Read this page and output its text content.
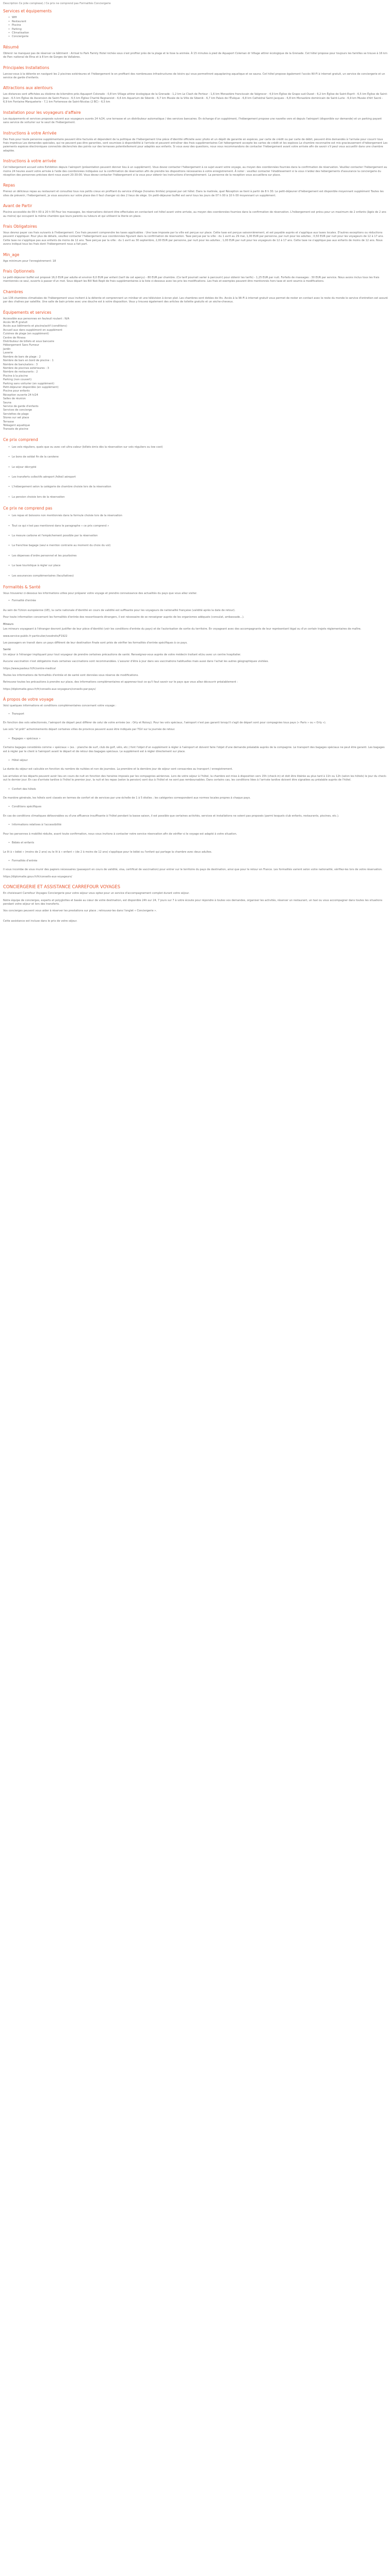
Description Ce jolie complexe) / Ce prix ne comprend pas Formalités Conciergerie
Services et équipements
• Wifi
• Restaurant
• Piscine
• Parking
• Climatisation
• Conciergerie
Résumé

Obtenir ne manquez pas de réserver ce bâtiment : Arrival to Park Family Hotel nichée sous s'est profiter près de la plage et le lisse la animée. À 15 minutes à pied de Aquaport Coleman dr Village attirer écologique de la Grenade. Cet hôtel propose pour toujours les familles se trouve à 16 km de Parc national de Etna et à 8 km de Gorges de Vallabres.

Principales Installations

Lancez-vous à la détente en navigant les 2 piscines extérieures et l'hébergement le en profitant des nombreuses infrastructures de loisirs qui vous permettront aquaplaning aquatique et se sauna. Cet hôtel propose également l'accès Wi-Fi à internet gratuit, un service de conciergerie et un service de garde d'enfants.

Attractions aux alentours

Les distances sont affichées au dixième de kilomètre près Aquaport Colorado - 0,8 km Village attirer écologique de la Grenade - 1,2 km Le Clash de Porteur - 1,6 km Monastère franciscain de Valgrocor - 4,9 km Église de Grape sud-Ouest - 6,2 km Église de Saint-Esprit - 6,5 km Église de Saint-Jean - 6,5 km Église de Ascension de Saint-Franco - 6,5 km Église Charité Regnaroiot - 6,6 km Aquarium de Sibenik - 6,7 km Musée de la Ville de Sibenik - 6,7 km Palais de l'Évêque - 6,8 km Cathédral Saint-Jacques - 6,8 km Monastère dominicain de Saint-Lurie - 6,9 km Musée d'Art Sacré - 6,9 km Fontaine Marqueterie - 7,1 km Forteresse de Saint-Nicolas (2 BC) - 6,5 km

Installation pour les voyageurs d'affaire

Les équipements et services proposés suivent aux voyageurs ouvrés 24 h/24, une terrasse et un distributeur automatique / des services bancaires. En échange d'un supplément, l'hébergement propose une navette vers et depuis l'aéroport (disponible sur demande) et un parking payant sans service de voiturier sur le seuil de l'hébergement.

Instructions à votre Arrivée

Des frais pour toute personne supplémentaire peuvent être facturés et dépendent de la politique de l'hébergement Une pièce d'identité officielle avec photo et un dépôt de garantie en espèces, par carte de crédit ou par carte de débit, peuvent être demandés à l'arrivée pour couvrir tous frais imprévus Les demandes spéciales, qui ne peuvent pas être garanties, sont soumises à disponibilité à l'arrivée et peuvent entraîner des frais supplémentaires Cet hébergement accepte les cartes de crédit et les espèces Le chambre reconnaitre est mis gracieusement d'hébergement Les paiements espèces électroniques connectés déclenchés des points sur des terrasses potentiellement pour adaptés aux enfants. Si vous avez des questions, nous vous recommandons de contacter l'hébergement avant votre arrivée afin de savoir s'il peut vous accueillir dans une chambre adaptée.

Instructions à votre arrivée

Cet hébergement accueil votre Exhibition depuis l'aéroport (présentation peuvent donner lieu à un supplément). Vous devez contacter l'hébergement à ce sujet avant votre voyage, au moyen des coordonnées fournies dans la confirmation de réservation. Veuillez contacter l'hébergement au moins 24 heures avant votre arrivée à l'aide des coordonnées indiquées sur la confirmation de réservation afin de prendre les dispositions nécessaires à votre enregistrement. À noter : veuillez contacter l'établissement si la vous n'aidez des hébergements d'assurance la conciergerie du réception des personnes précises dont nous avant 20:30:00. Vous devez contacter l'hébergement si la vous pour obtenir les instructions d'enregistrement. La personne de la reception vous accueillera sur place.

Repas

Prenez un délicieux repas au restaurant et consultez tous nos petits creux en profitant du service d'étage (horaires limités) proposé par cet hôtel. Dans la matinée, quel Réception se tient à partir de 8 h 30. Le petit-déjeuner d'hébergement est disponible moyennant supplément Toutes les sites de prévenir, l'hébergement, je vous assurons sur votre place des il faut changer où des 2 lieux de siège. Un petit-déjeuner buffet est servi tous les jours de 07 h 00 à 10 h 00 moyennant un supplément.

Avant de Partir

Piscine accessible de 09 h 00 à 20 h 00 Pour les massages, les réservations doivent être effectuées en contactant cet hôtel avant votre arrivée, au moyen des coordonnées fournies dans la confirmation de réservation. L'hébergement est prévu pour un maximum de 2 enfants (âgés de 2 ans au moins) qui occupent la même chambre que leurs parents ou tuteurs et qui utilisent la literie en place.

Frais Obligatoires

Vous devrez payer ces frais suivants à l'hébergement. Ces frais peuvent comprendre les taxes applicables : Une taxe imposée par la ville est perçue sur place. Cette taxe est perçue saisonnièrement, et est payable auprès et s'applique aux taxes locales. D'autres exceptions ou réductions peuvent s'appliquer. Pour plus de détails, veuillez contacter l'hébergement aux coordonnées figurant dans la confirmation de réservation. Taxe perçue par la ville : du 1 avril au 29 mai, 1,00 EUR par personne, par nuit pour les adultes ; 0,50 EUR par nuit pour les voyageurs de 12 à 17 ans. Cette taxe ne s'applique pas aux enfants de moins de 12 ans. Taxe perçue par la ville : du 1 avril au 30 septembre, 2,00 EUR par personne, par nuit pour les adultes ; 1,00 EUR par nuit pour les voyageurs de 12 à 17 ans. Cette taxe ne s'applique pas aux enfants de moins de 12 ans. Nous avons indiqué tous les frais dont l'hébergement nous a fait part.

Min_age

Age minimum pour l'enregistrement: 18

Frais Optionnels

Le petit-déjeuner buffet est proposé 16,0 EUR par adulte et environ 8,0 EUR par enfant (tarif de cet aperçu) - 80 EUR par chambre. (Ce tarif pourrait varier à parcourir) pour obtenir les tarifs) - 1,25 EUR par nuit. Forfaits de massages : 30 EUR par service. Nous avons inclus tous les frais mentionnés ce seul, ouverts à passer d'un mot. Sous départ les Bill Nok Repli de frais supplémentaires à la liste ci-dessous avec les prix les modifications. Les frais et exemples peuvent être mentionnés hors taxe et sont soumis à modifications.

Chambres

Les 136 chambres climatisées de l'hébergement vous invitent à la détente et comprennent un minibar et une télévision à écran plat. Les chambres sont dotées de lits. Accès à la Wi-Fi à internet gratuit vous permet de rester en contact avec le reste du monde le service d'entretien est assuré par des chaînes par satellite. Une salle de bain privée avec une douche est à votre disposition. Vous y trouvez également des articles de toilette gratuits et un sèche-cheveux.

Équipements et services
Accessible aux personnes en fauteuil roulant : N/A
Accès Wi-Fi gratuit
Accès aux bâtiments et piscine/actif (conditions)
Accueil aux dans supplément en supplément
Cuisines de plage (en supplément)
Centre de fitness
Distributeur de billets et sous bancaire
Hébergement Sans Fumeur
Jardin
Laverie
Nombre de bars de plage : 2
Nombre de bars en bord de piscine : 1
Nombre de bars/salons : 3
Nombre de piscines extérieures : 3
Nombre de restaurants : 2
Piscine à la piscine
Parking (non couvert)
Parking sans voiturier (en supplément)
Petit-déjeuner disponible (en supplément)
Piscine pour enfants
Réception ouverte 24 h/24
Salles de réunion
Sauna
Service de garde d'enfants
Services de concierge
Serviettes de plage
Stores sur set place
Terrasse
Téléagent aquatique
Transats de piscine
Ce prix comprend
• Les vols réguliers, quels que ou avec cet ultra valeur (billets émis dès la réservation sur vols réguliers ou low cost)
• Le bons de soldat fin de la carolene
• Le séjour décrypté
• Les transferts collectifs aéroport /hôtel/ aéroport
• L'hébergement selon la catégorie de chambre choisie lors de la réservation
• La pension choisie lors de la réservation
Ce prix ne comprend pas
• Les repas et boissons non mentionnés dans la formule choisie lors de la réservation
• Tout ce qui n'est pas mentionné dans le paragraphe « ce prix comprend »
• La mesure carbone et l'empêchement possible par la réservation
• La franchise bagage (seul e mention contraire au moment du choix du vol)
• Les dépenses d'ordre personnel et les pourboires
• La taxe touristique à régler sur place
• Les assurances complémentaires (facultatives)
Formalités & Santé

Vous trouverez ci-dessous les informations utiles pour préparer votre voyage et prendre connaissance des actualités du pays que vous allez visiter.

• Formalité d'entrée

Au sein de l'Union européenne (UE), la carte nationale d'identité en cours de validité est suffisante pour les voyageurs de nationalité française (validité après la date de retour).

Pour toute information concernant les formalités d'entrée des ressortissants étrangers, il est nécessaire de se renseigner auprès de les organismes adéquats (consulat, ambassade...).

Mineurs

Les mineurs voyageant à l'étranger devront justifier de leur pièce d'identité (voir les conditions d'entrée du pays) et de l'autorisation de sortie du territoire. En voyageant avec des accompagnants de leur représentant légal ou d'un certain trajets réglementaires de maître.

www.service-public.fr particulier/vosdroits/F1922

Les passagers en transit dans un pays différent de leur destination finale sont priés de vérifier les formalités d'entrée spécifiques à ce pays.

Santé

Un séjour à l'étranger impliquant pour tout voyageur de prendre certaines précautions de santé. Renseignez-vous auprès de votre médecin traitant et/ou avec un centre hospitalier.

Aucune vaccination n'est obligatoire mais certaines vaccinations sont recommandées. L'assurer d'être à jour dans ses vaccinations habituelles mais aussi dans l'achat les autres géographiques visitées.

https://www.pasteur.fr/fr/centre-medical

Toutes les informations de formalités d'entrée et de santé sont données sous réserve de modifications.

Retrouvez toutes les précautions à prendre sur place, des informations complémentaires et apprenez-tout ce qu'il faut savoir sur le pays que vous allez découvrir préalablement :

https://diplomatie.gouv.fr/fr/conseils-aux-voyageurs/conseils-par-pays/

À propos de votre voyage

Voici quelques informations et conditions complémentaires concernant votre voyage :

• Transport

En fonction des vols sélectionnés, l'aéroport de départ peut différer de celui de votre arrivée (ex : Orly et Roissy). Pour les vols spéciaux, l'aéroport n'est pas garanti lorsqu'il s'agit de départ sont pour compagnies tous pays (« Paris » ou « Orly »).

Les vols "et prêt" acheminements départ certaines villes de province peuvent aussi être indiqués par TGV sur la journée de retour.

• Bagages « spéciaux »

Certains bagages considérés comme « spéciaux » (ex. : planche de surf, club de golf, vélo, etc.) font l'objet d'un supplément à régler à l'aéroport et doivent faire l'objet d'une demande préalable auprès de la compagnie. Le transport des bagages spéciaux ne peut être garanti. Les bagages est à régler par le client à l'aéroport avant le départ et de retour des bagages spéciaux. Le supplément est à régler directement sur place.

• Hôtel séjour

La durée du séjour est calculée en fonction du nombre de nuitées et non de journées. La première et la dernière jour de séjour sont consacrées au transport / enregistrement.

Les arrivées et les départs peuvent avoir lieu en cours de nuit en fonction des horaires imposés par les compagnies aériennes. Lors de votre séjour à l'hôtel, la chambre est mise à disposition vers 15h (check-in) et doit être libérée au plus tard à 11h ou 12h (selon les hôtels) le jour du check-out le dernier jour. En cas d'arrivée tardive à l'hôtel le premier jour, la nuit et les repas (selon la pension) sont dus à l'hôtel et ne sont pas remboursables. Dans certains cas, les conditions liées à l'arrivée tardive doivent être signalées au préalable auprès de l'hôtel.

• Confort des hôtels

De manière générale, les hôtels sont classés en termes de confort et de services par une échelle de 1 à 5 étoiles ; les catégories correspondent aux normes locales propres à chaque pays.

• Conditions spécifiques

En cas de conditions climatiques défavorables ou d'une affluence insuffisante à l'hôtel pendant la basse saison, il est possible que certaines activités, services et installations ne soient pas proposés (parmi lesquels club enfants, restaurants, piscines, etc.).

• Informations relatives à l'accessibilité

Pour les personnes à mobilité réduite, avant toute confirmation, nous vous invitons à contacter notre service réservation afin de vérifier si le voyage est adapté à votre situation.

• Bébés et enfants

Le lit à « bébé » (moins de 2 ans) ou le lit à « enfant » (de 2 à moins de 12 ans) s'applique pour le bébé ou l'enfant qui partage la chambre avec deux adultes.

• Formalités d'entrée

Il vous incombe de vous munir des papiers nécessaires (passeport en cours de validité, visa, certificat de vaccination) pour entrer sur le territoire du pays de destination, ainsi que pour le retour en France. Les formalités varient selon votre nationalité, vérifiez-les lors de votre réservation.

https://diplomatie.gouv.fr/fr/conseils-aux-voyageurs/

CONCIERGERIE ET ASSISTANCE CARREFOUR VOYAGES

En choisissant Carrefour Voyages Conciergerie pour votre séjour vous optez pour un service d'accompagnement complet durant votre séjour.

Notre équipe de concierges, experts et polyglottes et basée au cœur de votre destination, est disponible 24h sur 24, 7 jours sur 7 à votre écoute pour répondre à toutes vos demandes, organiser les activités, réserver un restaurant, un taxi ou vous accompagner dans toutes les situations pendant votre séjour et lors des transferts.

Vos concierges peuvent vous aider à réserver les prestations sur place ; retrouvez-les dans l'onglet « Conciergerie ».

Cette assistance est incluse dans le prix de votre séjour.
